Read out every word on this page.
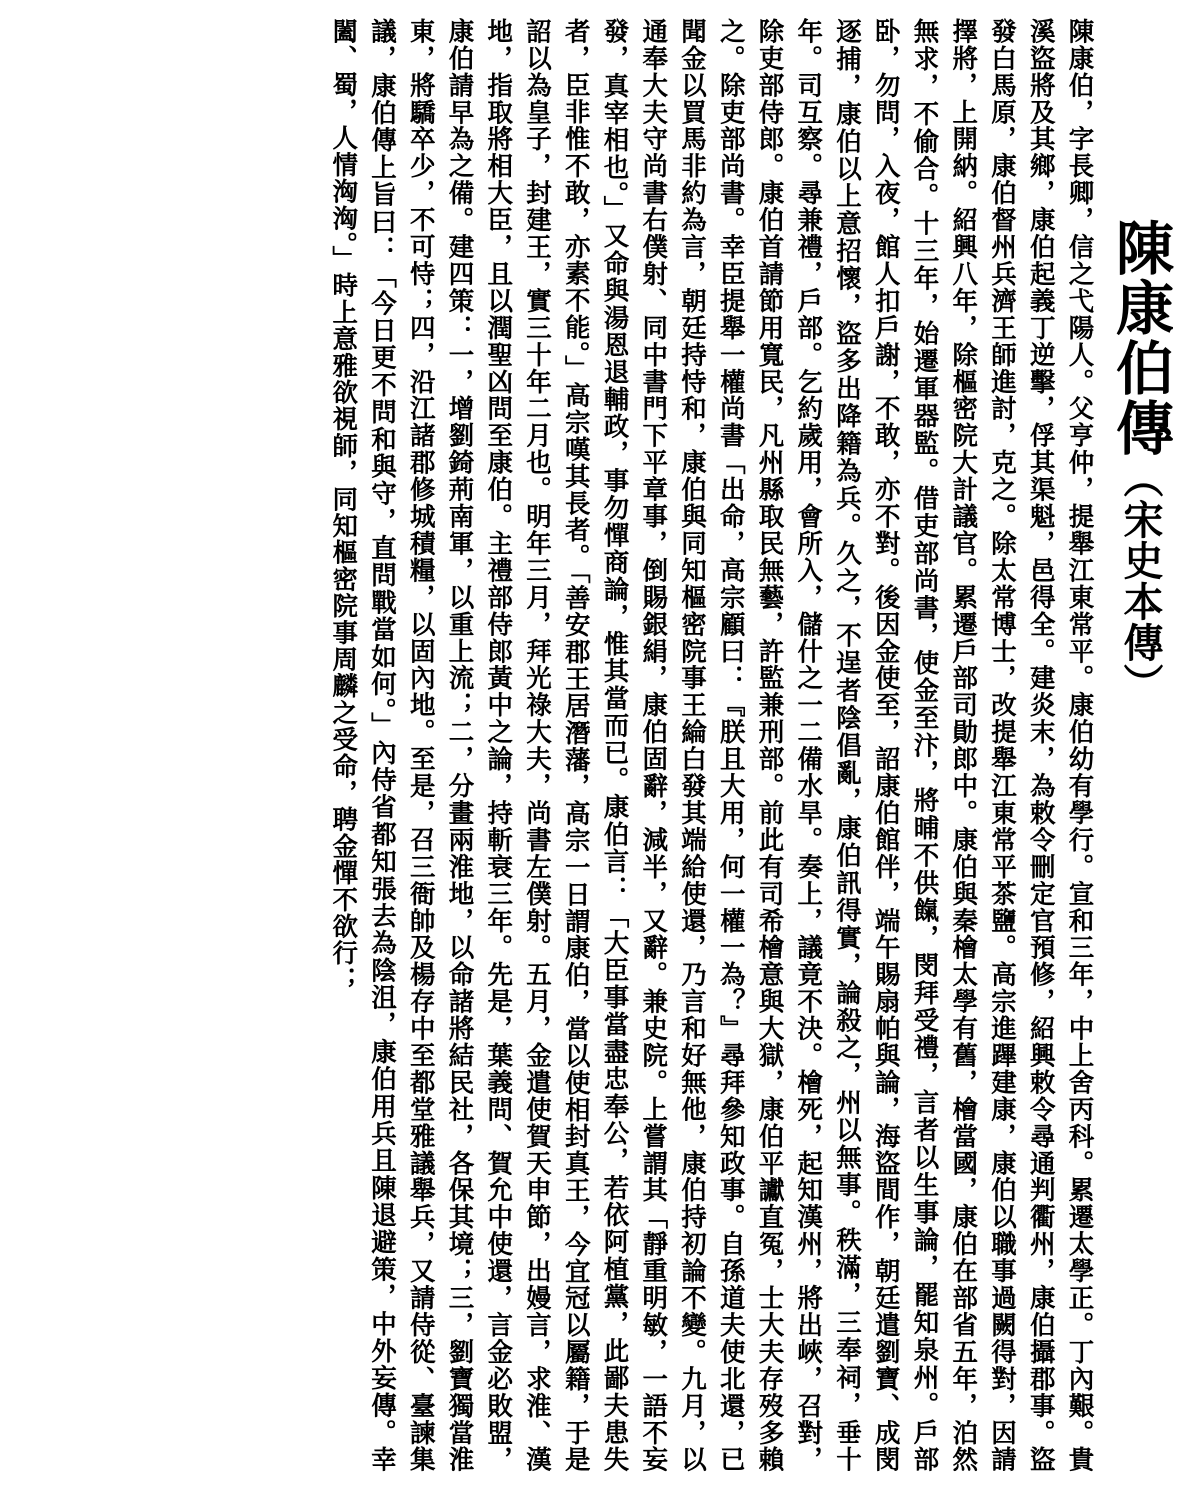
陳康伯傳（宋史本傳）

陳康伯，字長卿，信之弋陽人。父亨仲，提舉江東常平。康伯幼有學行。宣和三年，中上舍丙科。累遷太學正。丁內艱。貴溪盜將及其鄉，康伯起義丁逆擊，俘其渠魁，邑得全。建炎末，為敕令刪定官預修，紹興敕令尋通判衢州，康伯攝郡事。盜發白馬原，康伯督州兵濟王師進討，克之。除太常博士，改提舉江東常平茶鹽。高宗進蹕建康，康伯以職事過闕得對，因請擇將，上開納。紹興八年，除樞密院大計議官。累遷戶部司勛郎中。康伯與秦檜太學有舊，檜當國，康伯在部省五年，泊然無求，不偷合。十三年，始遷軍器監。借吏部尚書，使金至汴，將晡不供餼，閔拜受禮，言者以生事論，罷知泉州。戶部卧，勿問，入夜，館人扣戶謝，不敢，亦不對。後因金使至，詔康伯館伴，端午賜扇帕與論，海盜間作，朝廷遣劉寶、成閔逐捕，康伯以上意招懷，盜多出降籍為兵。久之，不逞者陰倡亂，康伯訊得實，論殺之，州以無事。秩滿，三奉祠，垂十年。司互察。尋兼禮，戶部。乞約歲用，會所入，儲什之一二備水旱。奏上，議竟不決。檜死，起知漢州，將出峽，召對，除吏部侍郎。康伯首請節用寬民，凡州縣取民無藝，許監兼刑部。前此有司希檜意與大獄，康伯平讞直冤，士大夫存歿多賴之。除吏部尚書。幸臣提舉一權尚書「出命，高宗顧曰：『朕且大用，何一權一為？』尋拜參知政事。自孫道夫使北還，已聞金以買馬非約為言，朝廷持恃和，康伯與同知樞密院事王綸白發其端給使還，乃言和好無他，康伯持初論不變。九月，以通奉大夫守尚書右僕射、同中書門下平章事，倒賜銀絹，康伯固辭，減半，又辭。兼史院。上嘗謂其「靜重明敏，一語不妄發，真宰相也。」又命與湯恩退輔政，事勿憚商論，惟其當而已。康伯言：「大臣事當盡忠奉公，若依阿植黨，此鄙夫患失者，臣非惟不敢，亦素不能。」高宗嘆其長者。「善安郡王居潛藩，高宗一日謂康伯，當以使相封真王，今宜冠以屬籍，于是詔以為皇子，封建王，實三十年二月也。明年三月，拜光祿大夫，尚書左僕射。五月，金遣使賀天申節，出嫚言，求淮、漢地，指取將相大臣，且以潤聖凶問至康伯。主禮部侍郎黃中之論，持斬衰三年。先是，葉義問、賀允中使還，言金必敗盟，康伯請早為之備。建四策：一，增劉錡荊南軍，以重上流；二，分畫兩淮地，以命諸將結民社，各保其境；三，劉寶獨當淮東，將驕卒少，不可恃；四，沿江諸郡修城積糧，以固內地。至是，召三衙帥及楊存中至都堂雅議舉兵，又請侍從、臺諫集議，康伯傳上旨曰：「今日更不問和與守，直問戰當如何。」內侍省都知張去為陰沮，康伯用兵且陳退避策，中外妄傳。幸闔、蜀，人情洶洶。」時上意雅欲視師，同知樞密院事周麟之受命，聘金憚不欲行；
